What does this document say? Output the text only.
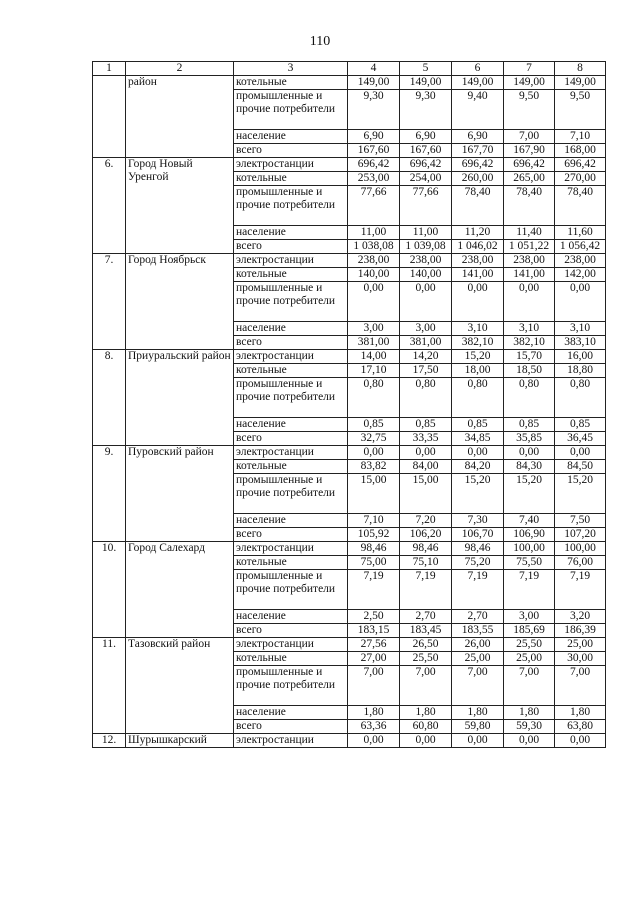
110
1	2	3	4	5	6	7	8
	район	котельные	149,00	149,00	149,00	149,00	149,00
		промышленные и прочие потребители	9,30	9,30	9,40	9,50	9,50
		население	6,90	6,90	6,90	7,00	7,10
		всего	167,60	167,60	167,70	167,90	168,00
6.	Город Новый Уренгой	электростанции	696,42	696,42	696,42	696,42	696,42
		котельные	253,00	254,00	260,00	265,00	270,00
		промышленные и прочие потребители	77,66	77,66	78,40	78,40	78,40
		население	11,00	11,00	11,20	11,40	11,60
		всего	1 038,08	1 039,08	1 046,02	1 051,22	1 056,42
7.	Город Ноябрьск	электростанции	238,00	238,00	238,00	238,00	238,00
		котельные	140,00	140,00	141,00	141,00	142,00
		промышленные и прочие потребители	0,00	0,00	0,00	0,00	0,00
		население	3,00	3,00	3,10	3,10	3,10
		всего	381,00	381,00	382,10	382,10	383,10
8.	Приуральский район	электростанции	14,00	14,20	15,20	15,70	16,00
		котельные	17,10	17,50	18,00	18,50	18,80
		промышленные и прочие потребители	0,80	0,80	0,80	0,80	0,80
		население	0,85	0,85	0,85	0,85	0,85
		всего	32,75	33,35	34,85	35,85	36,45
9.	Пуровский район	электростанции	0,00	0,00	0,00	0,00	0,00
		котельные	83,82	84,00	84,20	84,30	84,50
		промышленные и прочие потребители	15,00	15,00	15,20	15,20	15,20
		население	7,10	7,20	7,30	7,40	7,50
		всего	105,92	106,20	106,70	106,90	107,20
10.	Город Салехард	электростанции	98,46	98,46	98,46	100,00	100,00
		котельные	75,00	75,10	75,20	75,50	76,00
		промышленные и прочие потребители	7,19	7,19	7,19	7,19	7,19
		население	2,50	2,70	2,70	3,00	3,20
		всего	183,15	183,45	183,55	185,69	186,39
11.	Тазовский район	электростанции	27,56	26,50	26,00	25,50	25,00
		котельные	27,00	25,50	25,00	25,00	30,00
		промышленные и прочие потребители	7,00	7,00	7,00	7,00	7,00
		население	1,80	1,80	1,80	1,80	1,80
		всего	63,36	60,80	59,80	59,30	63,80
12.	Шурышкарский	электростанции	0,00	0,00	0,00	0,00	0,00
